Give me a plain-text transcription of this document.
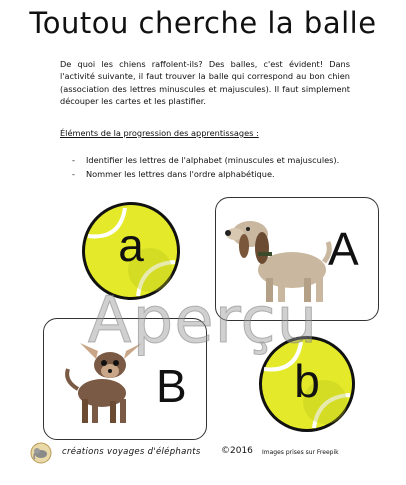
Toutou cherche la balle
De quoi les chiens raffolent-ils? Des balles, c'est évident! Dans l'activité suivante, il faut trouver la balle qui correspond au bon chien (association des lettres minuscules et majuscules). Il faut simplement découper les cartes et les plastifier.
Éléments de la progression des apprentissages :
- Identifier les lettres de l'alphabet (minuscules et majuscules).
- Nommer les lettres dans l'ordre alphabétique.
a	A
B	b
Aperçu
créations voyages d'éléphants ©2016 Images prises sur Freepik
